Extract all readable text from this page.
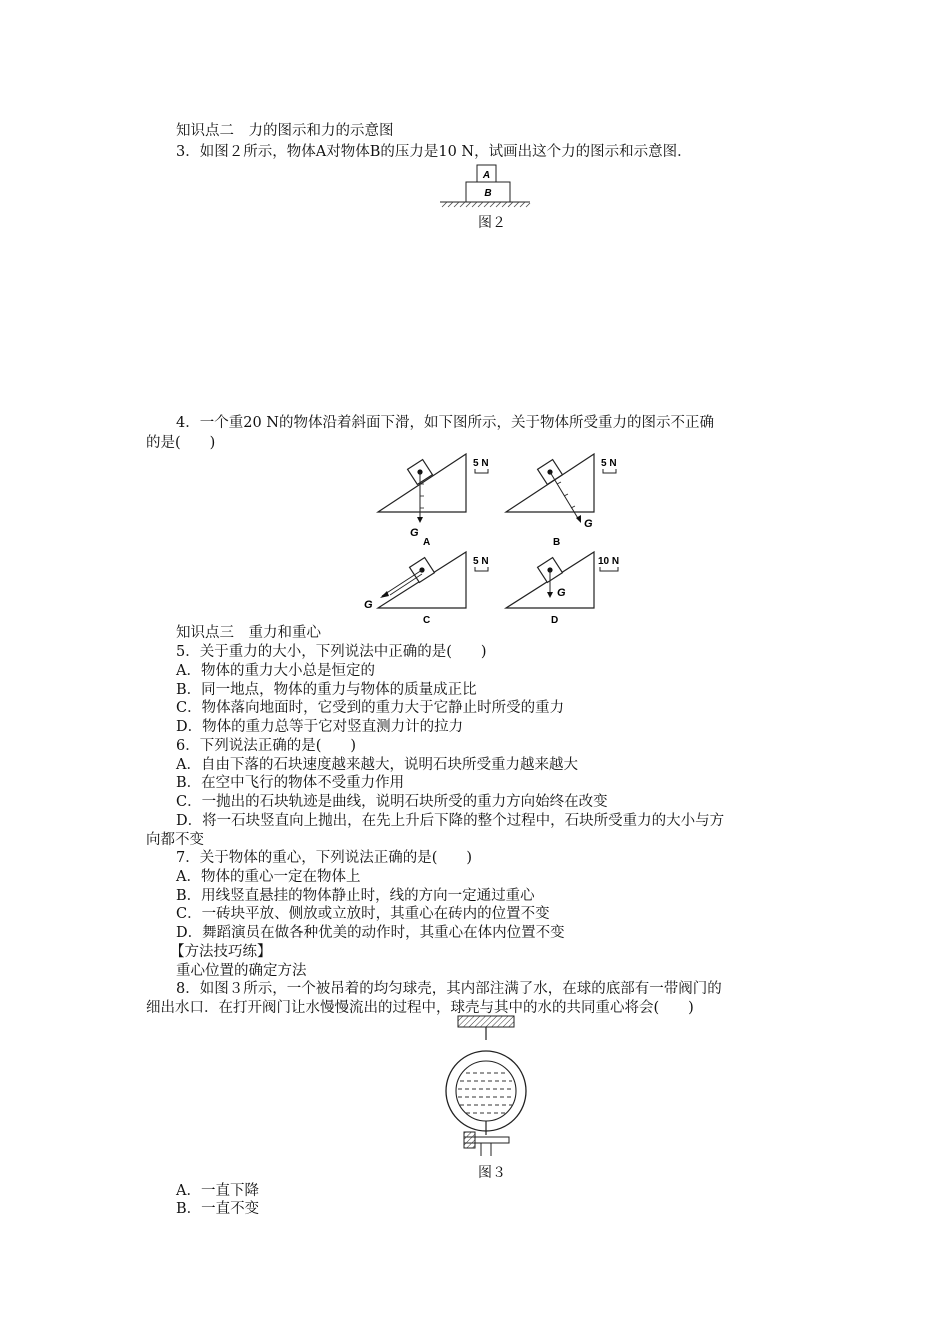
知识点二　力的图示和力的示意图
3．如图２所示，物体A对物体B的压力是10 N，试画出这个力的图示和示意图．
A
B
图２
4．一个重20 N的物体沿着斜面下滑，如下图所示，关于物体所受重力的图示不正确
的是(　　)
G
5 N
A
G
5 N
B
G
5 N
C
G
10 N
D
知识点三　重力和重心
5．关于重力的大小，下列说法中正确的是(　　)
A．物体的重力大小总是恒定的
B．同一地点，物体的重力与物体的质量成正比
C．物体落向地面时，它受到的重力大于它静止时所受的重力
D．物体的重力总等于它对竖直测力计的拉力
6．下列说法正确的是(　　)
A．自由下落的石块速度越来越大，说明石块所受重力越来越大
B．在空中飞行的物体不受重力作用
C．一抛出的石块轨迹是曲线，说明石块所受的重力方向始终在改变
D．将一石块竖直向上抛出，在先上升后下降的整个过程中，石块所受重力的大小与方
向都不变
7．关于物体的重心，下列说法正确的是(　　)
A．物体的重心一定在物体上
B．用线竖直悬挂的物体静止时，线的方向一定通过重心
C．一砖块平放、侧放或立放时，其重心在砖内的位置不变
D．舞蹈演员在做各种优美的动作时，其重心在体内位置不变
【方法技巧练】
重心位置的确定方法
8．如图３所示，一个被吊着的均匀球壳，其内部注满了水，在球的底部有一带阀门的
细出水口．在打开阀门让水慢慢流出的过程中，球壳与其中的水的共同重心将会(　　)
图３
A．一直下降
B．一直不变
